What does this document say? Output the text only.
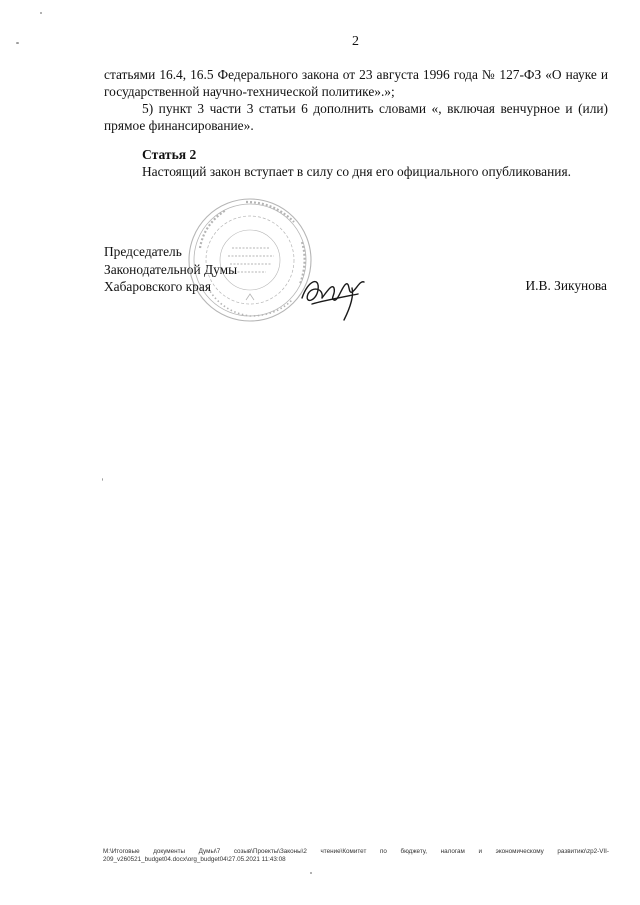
2

статьями 16.4, 16.5 Федерального закона от 23 августа 1996 года № 127-ФЗ «О науке и государственной научно-технической политике».»;

5) пункт 3 части 3 статьи 6 дополнить словами «, включая венчурное и (или) прямое финансирование».

Статья 2
Настоящий закон вступает в силу со дня его официального опубликования.
Председатель
Законодательной Думы
Хабаровского края	И.В. Зикунова
M:\Итоговые документы Думы\7 созыв\Проекты\Законы\2 чтение\Комитет по бюджету, налогам и экономическому развитию\zp2-VII-209_v260521_budget04.docx\org_budget04\27.05.2021 11:43:08
